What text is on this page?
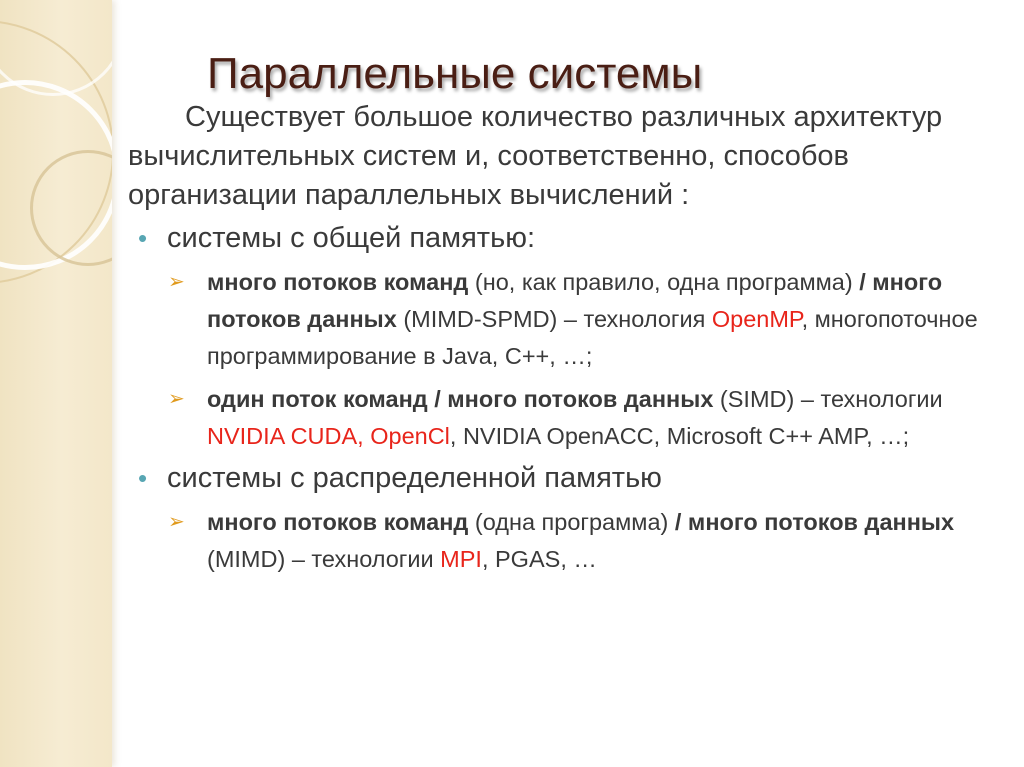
Параллельные системы

Существует большое количество различных архитектур вычислительных систем и, соответственно, способов организации параллельных вычислений :

• системы с общей памятью:
➢ много потоков команд (но, как правило, одна программа) / много потоков данных (MIMD-SPMD) – технология OpenMP, многопоточное программирование в Java, C++, …;
➢ один поток команд / много потоков данных (SIMD) – технологии NVIDIA CUDA, OpenCl, NVIDIA OpenACC, Microsoft C++ AMP, …;
• системы с распределенной памятью
➢ много потоков команд (одна программа) / много потоков данных (MIMD) – технологии MPI, PGAS, …
